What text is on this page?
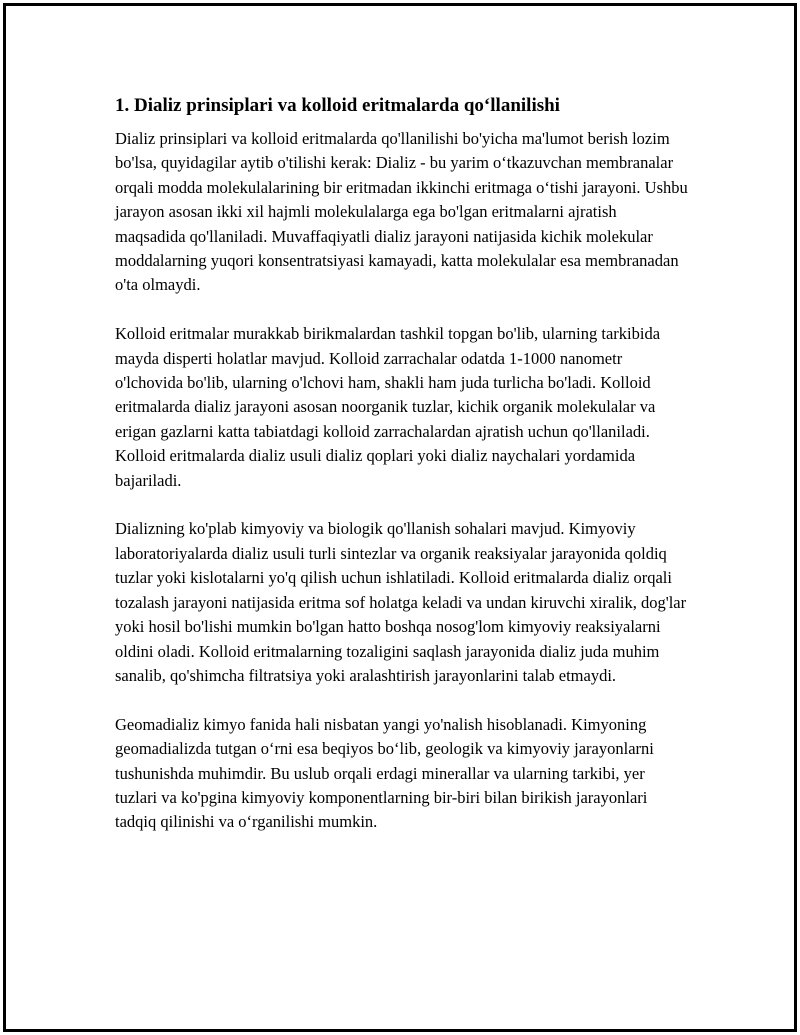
1. Dializ prinsiplari va kolloid eritmalarda qo‘llanilishi

Dializ prinsiplari va kolloid eritmalarda qo'llanilishi bo'yicha ma'lumot berish lozim bo'lsa, quyidagilar aytib o'tilishi kerak: Dializ - bu yarim o‘tkazuvchan membranalar orqali modda molekulalarining bir eritmadan ikkinchi eritmaga o‘tishi jarayoni. Ushbu jarayon asosan ikki xil hajmli molekulalarga ega bo'lgan eritmalarni ajratish maqsadida qo'llaniladi. Muvaffaqiyatli dializ jarayoni natijasida kichik molekular moddalarning yuqori konsentratsiyasi kamayadi, katta molekulalar esa membranadan o'ta olmaydi.

Kolloid eritmalar murakkab birikmalardan tashkil topgan bo'lib, ularning tarkibida mayda disperti holatlar mavjud. Kolloid zarrachalar odatda 1-1000 nanometr o'lchovida bo'lib, ularning o'lchovi ham, shakli ham juda turlicha bo'ladi. Kolloid eritmalarda dializ jarayoni asosan noorganik tuzlar, kichik organik molekulalar va erigan gazlarni katta tabiatdagi kolloid zarrachalardan ajratish uchun qo'llaniladi. Kolloid eritmalarda dializ usuli dializ qoplari yoki dializ naychalari yordamida bajariladi.

Dializning ko'plab kimyoviy va biologik qo'llanish sohalari mavjud. Kimyoviy laboratoriyalarda dializ usuli turli sintezlar va organik reaksiyalar jarayonida qoldiq tuzlar yoki kislotalarni yo'q qilish uchun ishlatiladi. Kolloid eritmalarda dializ orqali tozalash jarayoni natijasida eritma sof holatga keladi va undan kiruvchi xiralik, dog'lar yoki hosil bo'lishi mumkin bo'lgan hatto boshqa nosog'lom kimyoviy reaksiyalarni oldini oladi. Kolloid eritmalarning tozaligini saqlash jarayonida dializ juda muhim sanalib, qo'shimcha filtratsiya yoki aralashtirish jarayonlarini talab etmaydi.

Geomadializ kimyo fanida hali nisbatan yangi yo'nalish hisoblanadi. Kimyoning geomadializda tutgan o‘rni esa beqiyos bo‘lib, geologik va kimyoviy jarayonlarni tushunishda muhimdir. Bu uslub orqali erdagi minerallar va ularning tarkibi, yer tuzlari va ko'pgina kimyoviy komponentlarning bir-biri bilan birikish jarayonlari tadqiq qilinishi va o‘rganilishi mumkin.
